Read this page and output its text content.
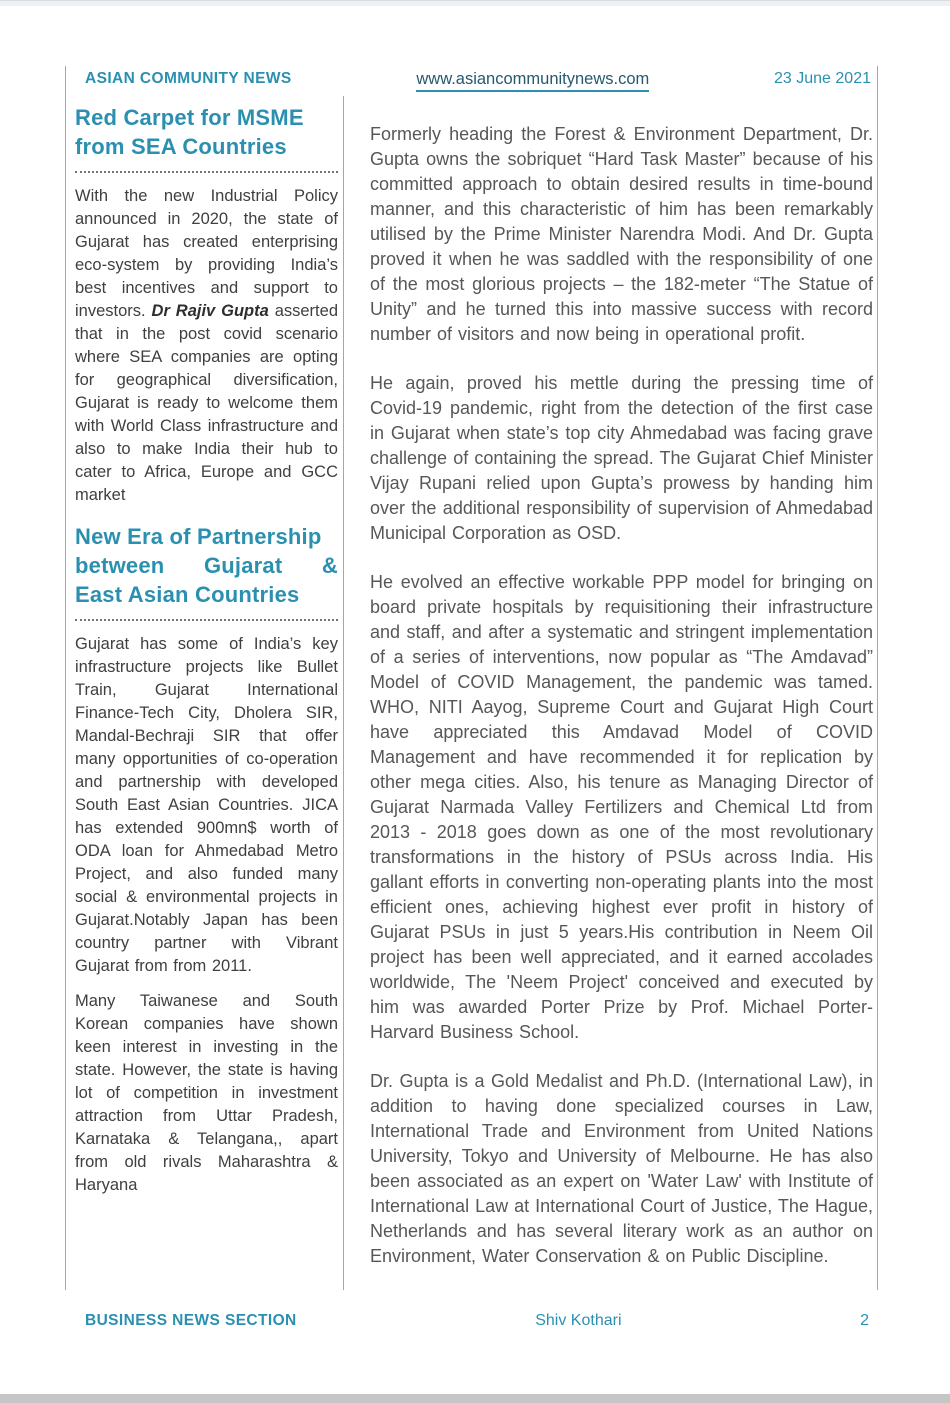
ASIAN COMMUNITY NEWS	www.asiancommunitynews.com	23 June 2021
Red Carpet for MSME
from SEA Countries

With the new Industrial Policy announced in 2020, the state of Gujarat has created enterprising eco-system by providing India’s best incentives and support to investors. Dr Rajiv Gupta asserted that in the post covid scenario where SEA companies are opting for geographical diversification, Gujarat is ready to welcome them with World Class infrastructure and also to make India their hub to cater to Africa, Europe and GCC market

New Era of Partnership
between Gujarat &
East Asian Countries

Gujarat has some of India’s key infrastructure projects like Bullet Train, Gujarat International Finance-Tech City, Dholera SIR, Mandal-Bechraji SIR that offer many opportunities of co-operation and partnership with developed South East Asian Countries. JICA has extended 900mn$ worth of ODA loan for Ahmedabad Metro Project, and also funded many social & environmental projects in Gujarat.Notably Japan has been country partner with Vibrant Gujarat from from 2011.

Many Taiwanese and South Korean companies have shown keen interest in investing in the state. However, the state is having lot of competition in investment attraction from Uttar Pradesh, Karnataka & Telangana,, apart from old rivals Maharashtra & Haryana

Formerly heading the Forest & Environment Department, Dr. Gupta owns the sobriquet “Hard Task Master” because of his committed approach to obtain desired results in time-bound manner, and this characteristic of him has been remarkably utilised by the Prime Minister Narendra Modi. And Dr. Gupta proved it when he was saddled with the responsibility of one of the most glorious projects – the 182-meter “The Statue of Unity” and he turned this into massive success with record number of visitors and now being in operational profit.

He again, proved his mettle during the pressing time of Covid-19 pandemic, right from the detection of the first case in Gujarat when state’s top city Ahmedabad was facing grave challenge of containing the spread. The Gujarat Chief Minister Vijay Rupani relied upon Gupta’s prowess by handing him over the additional responsibility of supervision of Ahmedabad Municipal Corporation as OSD.

He evolved an effective workable PPP model for bringing on board private hospitals by requisitioning their infrastructure and staff, and after a systematic and stringent implementation of a series of interventions, now popular as “The Amdavad” Model of COVID Management, the pandemic was tamed. WHO, NITI Aayog, Supreme Court and Gujarat High Court have appreciated this Amdavad Model of COVID Management and have recommended it for replication by other mega cities. Also, his tenure as Managing Director of Gujarat Narmada Valley Fertilizers and Chemical Ltd from 2013 - 2018 goes down as one of the most revolutionary transformations in the history of PSUs across India. His gallant efforts in converting non-operating plants into the most efficient ones, achieving highest ever profit in history of Gujarat PSUs in just 5 years.His contribution in Neem Oil project has been well appreciated, and it earned accolades worldwide, The 'Neem Project' conceived and executed by him was awarded Porter Prize by Prof. Michael Porter- Harvard Business School.

Dr. Gupta is a Gold Medalist and Ph.D. (International Law), in addition to having done specialized courses in Law, International Trade and Environment from United Nations University, Tokyo and University of Melbourne. He has also been associated as an expert on 'Water Law' with Institute of International Law at International Court of Justice, The Hague, Netherlands and has several literary work as an author on Environment, Water Conservation & on Public Discipline.

BUSINESS NEWS SECTION	Shiv Kothari	2
